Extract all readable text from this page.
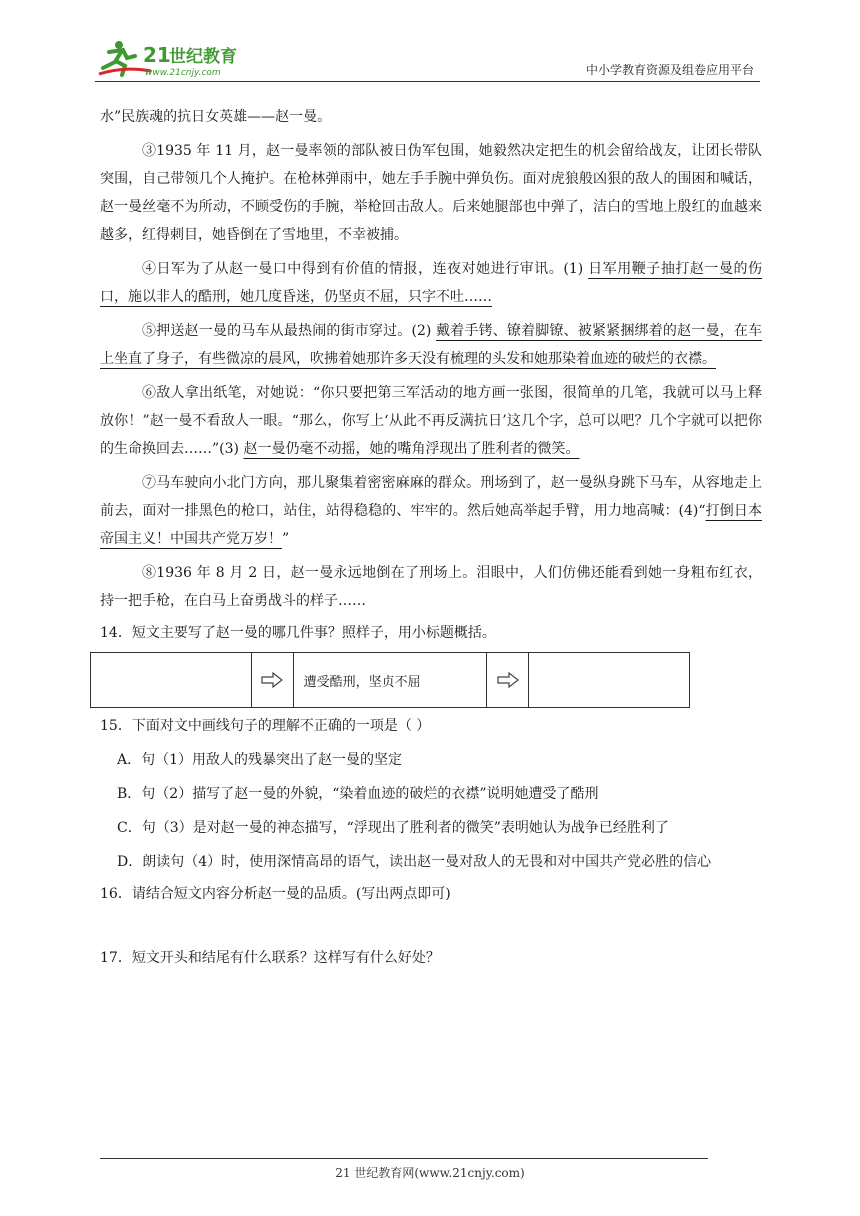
21
世纪教育
www.21cnjy.com	中小学教育资源及组卷应用平台

水”民族魂的抗日女英雄——赵一曼。

③1935 年 11 月，赵一曼率领的部队被日伪军包围，她毅然决定把生的机会留给战友，让团长带队突围，自己带领几个人掩护。在枪林弹雨中，她左手手腕中弹负伤。面对虎狼般凶狠的敌人的围困和喊话，赵一曼丝毫不为所动，不顾受伤的手腕，举枪回击敌人。后来她腿部也中弹了，洁白的雪地上殷红的血越来越多，红得刺目，她昏倒在了雪地里，不幸被捕。

④日军为了从赵一曼口中得到有价值的情报，连夜对她进行审讯。(1) 日军用鞭子抽打赵一曼的伤口，施以非人的酷刑，她几度昏迷，仍坚贞不屈，只字不吐……

⑤押送赵一曼的马车从最热闹的街市穿过。(2) 戴着手铐、镣着脚镣、被紧紧捆绑着的赵一曼，在车上坐直了身子，有些微凉的晨风，吹拂着她那许多天没有梳理的头发和她那染着血迹的破烂的衣襟。

⑥敌人拿出纸笔，对她说：“你只要把第三军活动的地方画一张图，很简单的几笔，我就可以马上释放你！”赵一曼不看敌人一眼。“那么，你写上‘从此不再反满抗日’这几个字，总可以吧？几个字就可以把你的生命换回去……”(3) 赵一曼仍毫不动摇，她的嘴角浮现出了胜利者的微笑。

⑦马车驶向小北门方向，那儿聚集着密密麻麻的群众。刑场到了，赵一曼纵身跳下马车，从容地走上前去，面对一排黑色的枪口，站住，站得稳稳的、牢牢的。然后她高举起手臂，用力地高喊：(4)“打倒日本帝国主义！中国共产党万岁！”

⑧1936 年 8 月 2 日，赵一曼永远地倒在了刑场上。泪眼中，人们仿佛还能看到她一身粗布红衣，持一把手枪，在白马上奋勇战斗的样子……

14．短文主要写了赵一曼的哪几件事？照样子，用小标题概括。

		遭受酷刑，坚贞不屈		

15．下面对文中画线句子的理解不正确的一项是（ ）

A．句（1）用敌人的残暴突出了赵一曼的坚定

B．句（2）描写了赵一曼的外貌，“染着血迹的破烂的衣襟”说明她遭受了酷刑

C．句（3）是对赵一曼的神态描写，“浮现出了胜利者的微笑”表明她认为战争已经胜利了

D．朗读句（4）时，使用深情高昂的语气，读出赵一曼对敌人的无畏和对中国共产党必胜的信心

16．请结合短文内容分析赵一曼的品质。(写出两点即可)

17．短文开头和结尾有什么联系？这样写有什么好处？

21 世纪教育网(www.21cnjy.com)
